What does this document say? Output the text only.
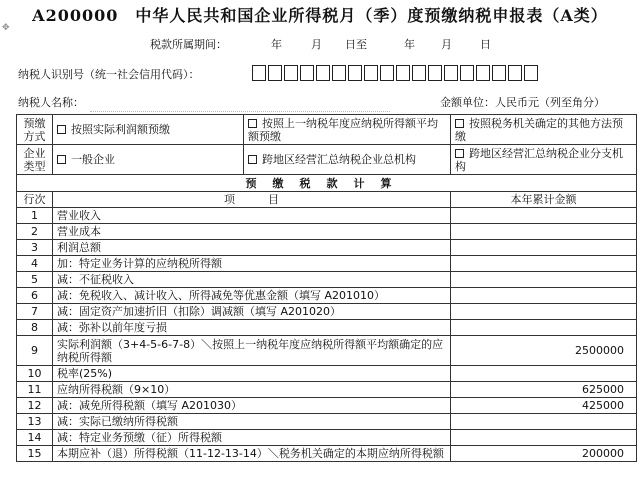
✥
A200000　中华人民共和国企业所得税月（季）度预缴纳税申报表（A类）
税款所属期间：	年	月 日至	年 月	日
纳税人识别号（统一社会信用代码）：
纳税人名称：	金额单位：人民币元（列至角分）
预缴方式	按照实际利润额预缴	按照上一纳税年度应纳税所得额平均额预缴	按照税务机关确定的其他方法预缴
企业类型	一般企业	跨地区经营汇总纳税企业总机构	跨地区经营汇总纳税企业分支机构
预缴税款计算			
行次	项　　　目		本年累计金额
1	营业收入		
2	营业成本		
3	利润总额		
4	加：特定业务计算的应纳税所得额		
5	减：不征税收入		
6	减：免税收入、减计收入、所得减免等优惠金额（填写 A201010）		
7	减：固定资产加速折旧（扣除）调减额（填写 A201020）		
8	减：弥补以前年度亏损		
9	实际利润额（3+4-5-6-7-8）＼按照上一纳税年度应纳税所得额平均额确定的应纳税所得额		2500000
10	税率(25%)		
11	应纳所得税额（9×10）		625000
12	减：减免所得税额（填写 A201030）		425000
13	减：实际已缴纳所得税额		
14	减：特定业务预缴（征）所得税额		
15	本期应补（退）所得税额（11-12-13-14）＼税务机关确定的本期应纳所得税额		200000
